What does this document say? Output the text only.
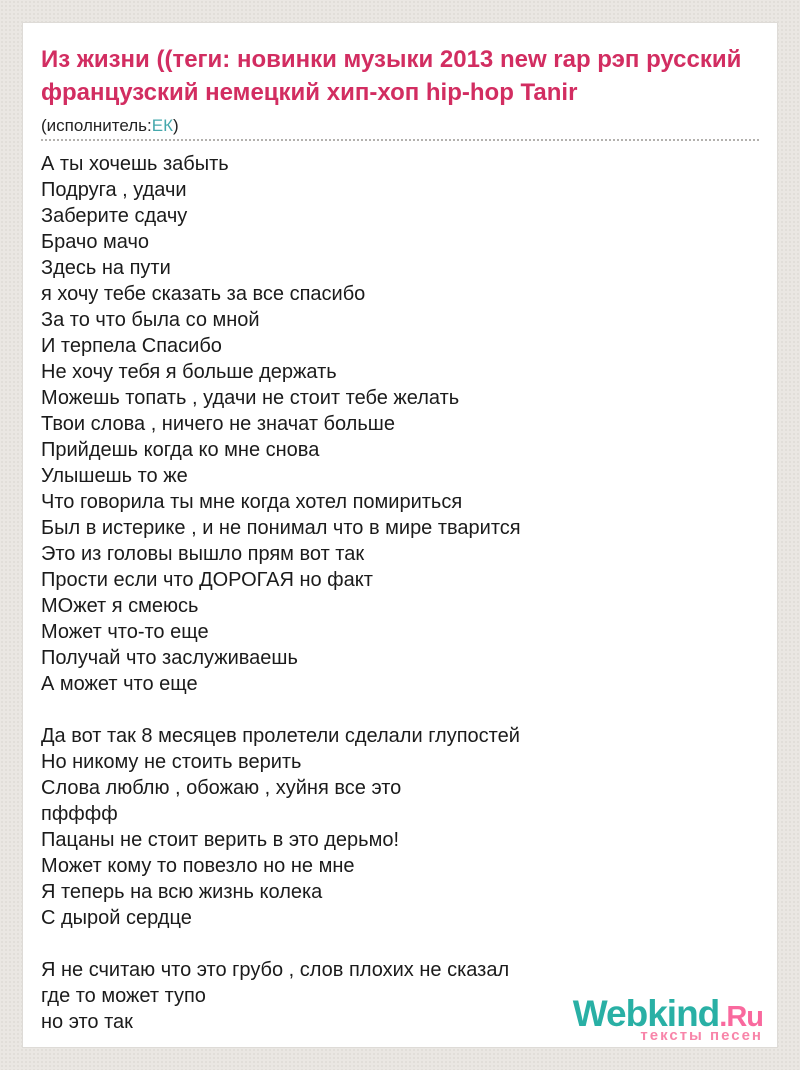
Из жизни ((теги: новинки музыки 2013 new rap рэп русский
французский немецкий хип-хоп hip-hop Tanir
(исполнитель:ЕК)
А ты хочешь забыть
Подруга , удачи
Заберите сдачу
Брачо мачо
Здесь на пути
я хочу тебе сказать за все спасибо
За то что была со мной
И терпела Спасибо
Не хочу тебя я больше держать
Можешь топать , удачи не стоит тебе желать
Твои слова , ничего не значат больше
Прийдешь когда ко мне снова
Улышешь то же
Что говорила ты мне когда хотел помириться
Был в истерике , и не понимал что в мире тварится
Это из головы вышло прям вот так
Прости если что ДОРОГАЯ но факт
МОжет я смеюсь
Может что-то еще
Получай что заслуживаешь
А может что еще
Да вот так 8 месяцев пролетели сделали глупостей
Но никому не стоить верить
Слова люблю , обожаю , хуйня все это
пфффф
Пацаны не стоит верить в это дерьмо!
Может кому то повезло но не мне
Я теперь на всю жизнь колека
С дырой сердце
Я не считаю что это грубо , слов плохих не сказал
где то может тупо
но это так	Webkind.Ru
тексты песен
